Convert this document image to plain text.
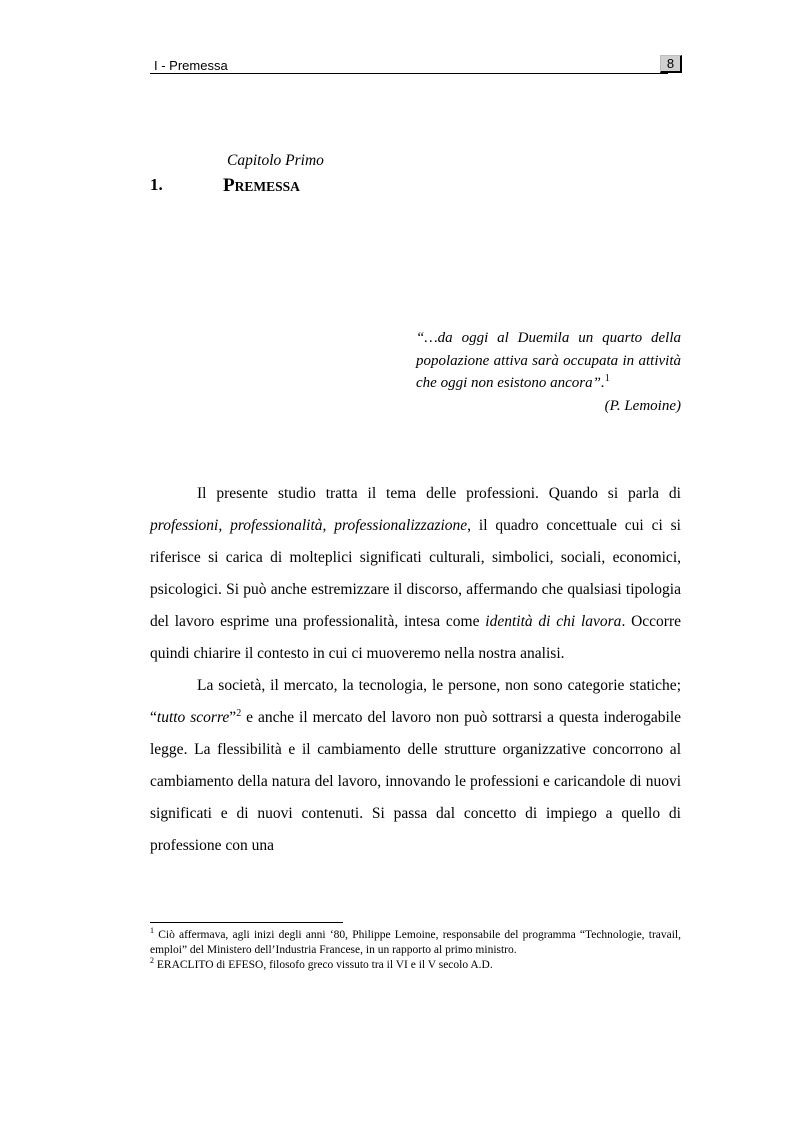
I - Premessa	8
Capitolo Primo
1.	PREMESSA
“…da oggi al Duemila un quarto della popolazione attiva sarà occupata in attività che oggi non esistono ancora”.$^1$
(P. Lemoine)

Il presente studio tratta il tema delle professioni. Quando si parla di professioni, professionalità, professionalizzazione, il quadro concettuale cui ci si riferisce si carica di molteplici significati culturali, simbolici, sociali, economici, psicologici. Si può anche estremizzare il discorso, affermando che qualsiasi tipologia del lavoro esprime una professionalità, intesa come identità di chi lavora. Occorre quindi chiarire il contesto in cui ci muoveremo nella nostra analisi.

La società, il mercato, la tecnologia, le persone, non sono categorie statiche; “tutto scorre”$^2$ e anche il mercato del lavoro non può sottrarsi a questa inderogabile legge. La flessibilità e il cambiamento delle strutture organizzative concorrono al cambiamento della natura del lavoro, innovando le professioni e caricandole di nuovi significati e di nuovi contenuti. Si passa dal concetto di impiego a quello di professione con una

$^1$ Ciò affermava, agli inizi degli anni ‘80, Philippe Lemoine, responsabile del programma “Technologie, travail, emploi” del Ministero dell’Industria Francese, in un rapporto al primo ministro.

$^2$ ERACLITO di EFESO, filosofo greco vissuto tra il VI e il V secolo A.D.
